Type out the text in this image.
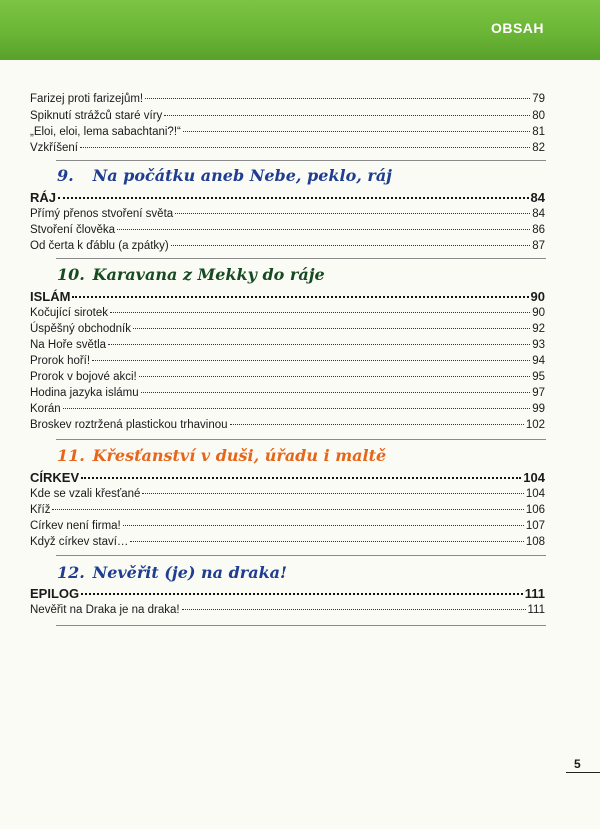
OBSAH
Farizej proti farizejům!	79
Spiknutí strážců staré víry	80
„Eloi, eloi, lema sabachtani?!“	81
Vzkříšení	82
9. Na počátku aneb Nebe, peklo, ráj
RÁJ	84
Přímý přenos stvoření světa	84
Stvoření člověka	86
Od čerta k ďáblu (a zpátky)	87
10. Karavana z Mekky do ráje
ISLÁM	90
Kočující sirotek	90
Úspěšný obchodník	92
Na Hoře světla	93
Prorok hoří!	94
Prorok v bojové akci!	95
Hodina jazyka islámu	97
Korán	99
Broskev roztržená plastickou trhavinou	102
11. Křesťanství v duši, úřadu i maltě
CÍRKEV	104
Kde se vzali křesťané	104
Kříž	106
Církev není firma!	107
Když církev staví…	108
12. Nevěřit (je) na draka!
EPILOG	111
Nevěřit na Draka je na draka!	111
5
